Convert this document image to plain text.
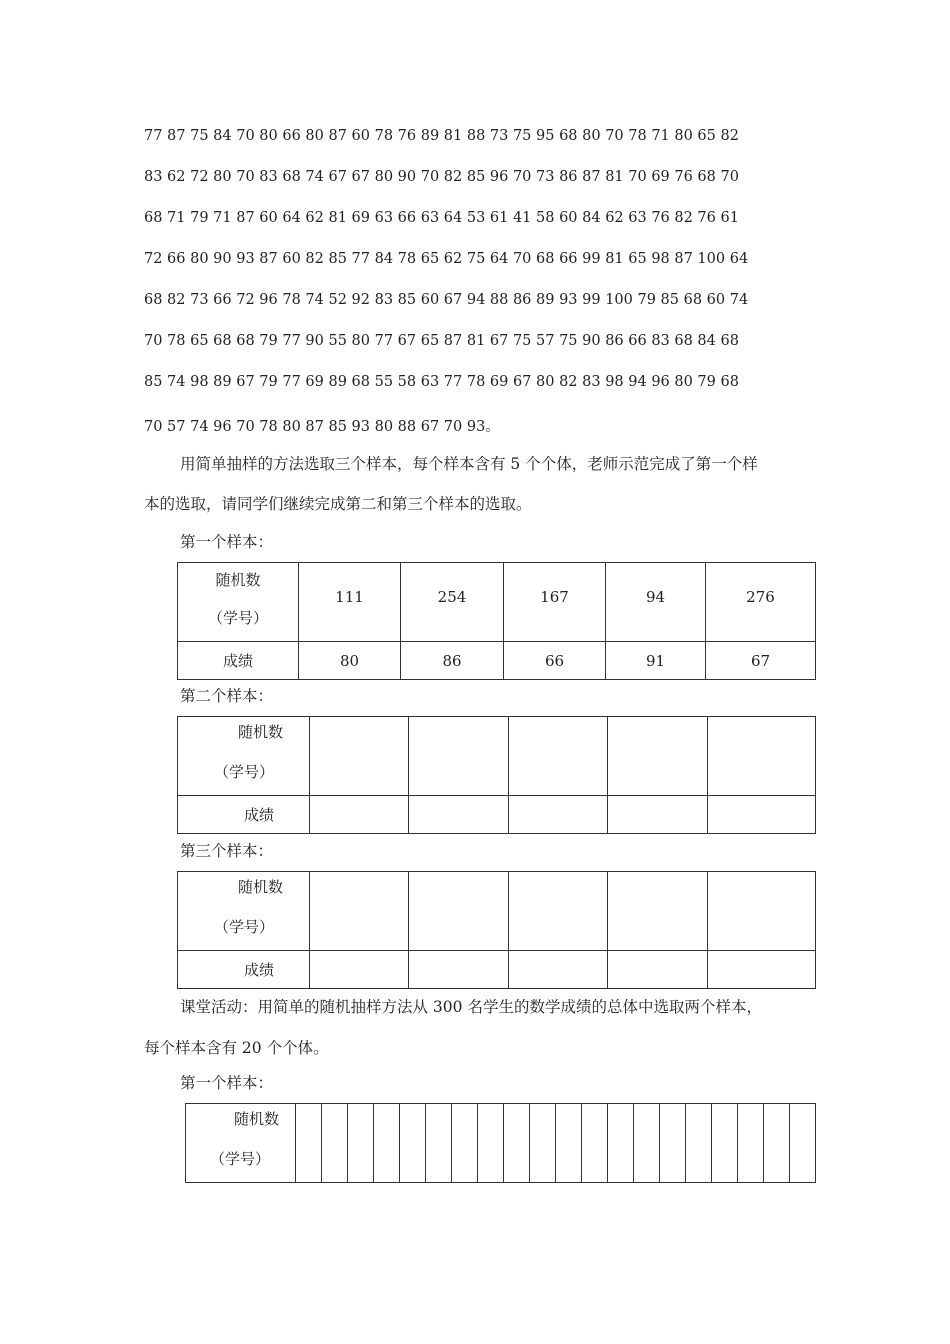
77 87 75 84 70 80 66 80 87 60 78 76 89 81 88 73 75 95 68 80 70 78 71 80 65 82
83 62 72 80 70 83 68 74 67 67 80 90 70 82 85 96 70 73 86 87 81 70 69 76 68 70
68 71 79 71 87 60 64 62 81 69 63 66 63 64 53 61 41 58 60 84 62 63 76 82 76 61
72 66 80 90 93 87 60 82 85 77 84 78 65 62 75 64 70 68 66 99 81 65 98 87 100 64
68 82 73 66 72 96 78 74 52 92 83 85 60 67 94 88 86 89 93 99 100 79 85 68 60 74
70 78 65 68 68 79 77 90 55 80 77 67 65 87 81 67 75 57 75 90 86 66 83 68 84 68
85 74 98 89 67 79 77 69 89 68 55 58 63 77 78 69 67 80 82 83 98 94 96 80 79 68
70 57 74 96 70 78 80 87 85 93 80 88 67 70 93。
用简单抽样的方法选取三个样本，每个样本含有 5 个个体，老师示范完成了第一个样
本的选取，请同学们继续完成第二和第三个样本的选取。
第一个样本：
随机数
（学号）	111	254	167	94	276
成绩	80	86	66	91	67
第二个样本：
随机数
（学号）					

成绩					
第三个样本：
随机数
（学号）					

成绩					
课堂活动：用简单的随机抽样方法从 300 名学生的数学成绩的总体中选取两个样本，
每个样本含有 20 个个体。
第一个样本：
随机数
（学号）
